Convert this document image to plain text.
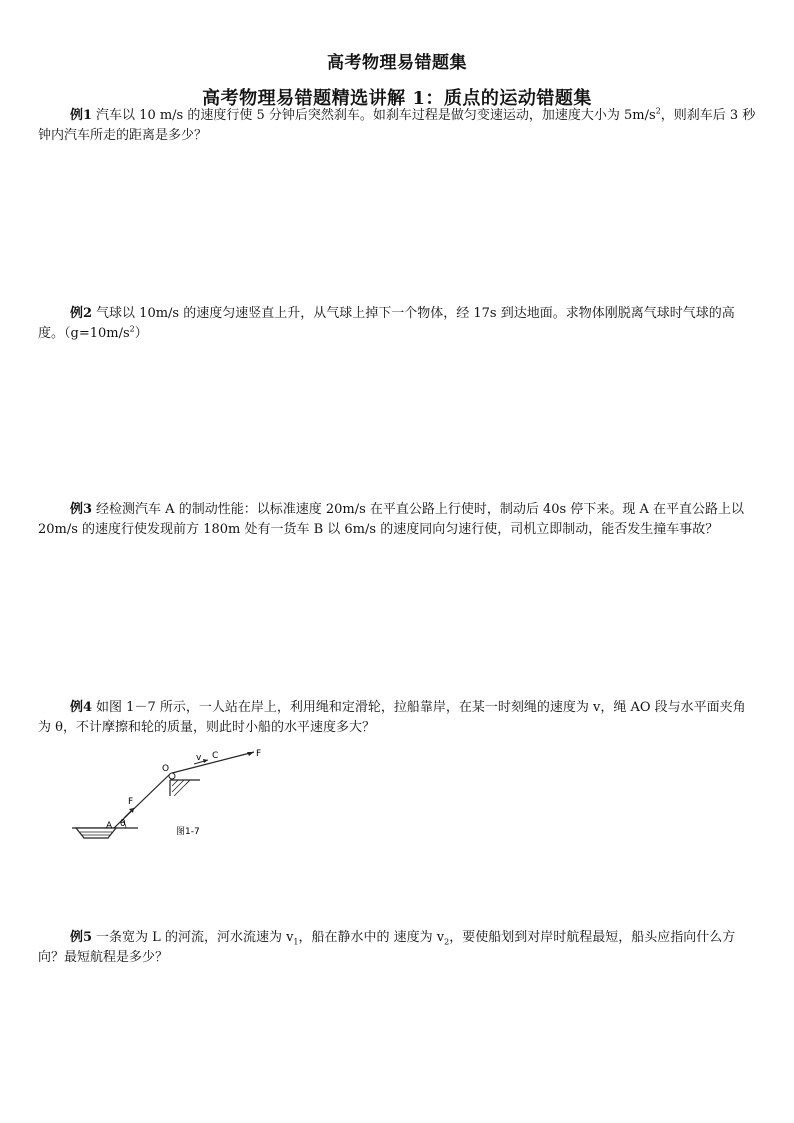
高考物理易错题集
高考物理易错题精选讲解 1：质点的运动错题集
例1 汽车以 10 m/s 的速度行使 5 分钟后突然刹车。如刹车过程是做匀变速运动，加速度大小为 $5m/s^2$，则刹车后 3 秒钟内汽车所走的距离是多少？
例2 气球以 10m/s 的速度匀速竖直上升，从气球上掉下一个物体，经 17s 到达地面。求物体刚脱离气球时气球的高度。$(g=10m/s^2)$
例3 经检测汽车 A 的制动性能：以标准速度 20m/s 在平直公路上行使时，制动后 40s 停下来。现 A 在平直公路上以 20m/s 的速度行使发现前方 180m 处有一货车 B 以 6m/s 的速度同向匀速行使，司机立即制动，能否发生撞车事故？
例4 如图 1－7 所示，一人站在岸上，利用绳和定滑轮，拉船靠岸，在某一时刻绳的速度为 v，绳 AO 段与水平面夹角为 θ，不计摩擦和轮的质量，则此时小船的水平速度多大？
A θ
F
O
v C	F
图1-7
例5 一条宽为 L 的河流，河水流速为 $v_1$，船在静水中的 速度为 $v_2$，要使船划到对岸时航程最短，船头应指向什么方向？最短航程是多少？
